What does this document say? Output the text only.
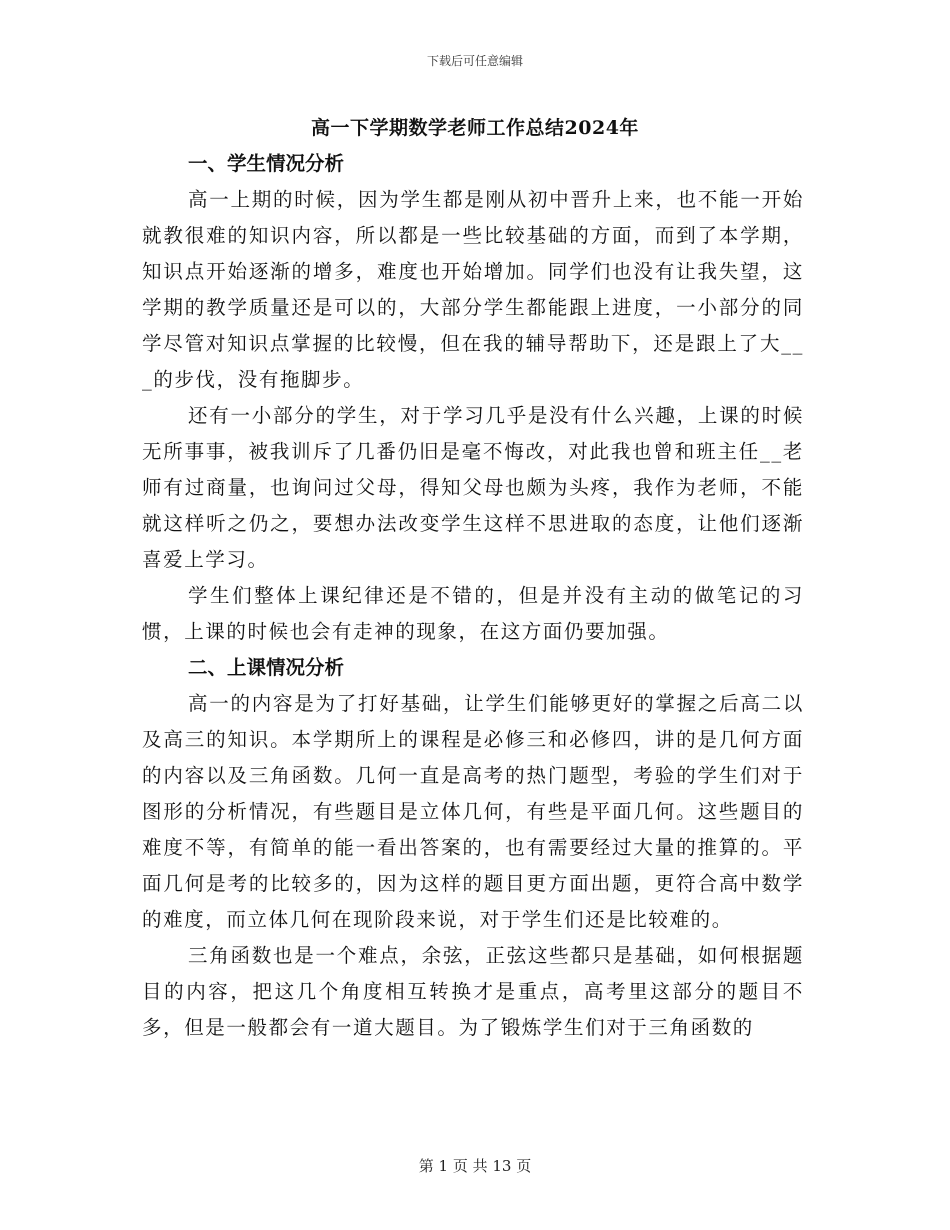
下载后可任意编辑
高一下学期数学老师工作总结2024年
一、学生情况分析

高一上期的时候，因为学生都是刚从初中晋升上来，也不能一开始就教很难的知识内容，所以都是一些比较基础的方面，而到了本学期，知识点开始逐渐的增多，难度也开始增加。同学们也没有让我失望，这学期的教学质量还是可以的，大部分学生都能跟上进度，一小部分的同学尽管对知识点掌握的比较慢，但在我的辅导帮助下，还是跟上了大___的步伐，没有拖脚步。

还有一小部分的学生，对于学习几乎是没有什么兴趣，上课的时候无所事事，被我训斥了几番仍旧是毫不悔改，对此我也曾和班主任__老师有过商量，也询问过父母，得知父母也颇为头疼，我作为老师，不能就这样听之仍之，要想办法改变学生这样不思进取的态度，让他们逐渐喜爱上学习。

学生们整体上课纪律还是不错的，但是并没有主动的做笔记的习惯，上课的时候也会有走神的现象，在这方面仍要加强。

二、上课情况分析

高一的内容是为了打好基础，让学生们能够更好的掌握之后高二以及高三的知识。本学期所上的课程是必修三和必修四，讲的是几何方面的内容以及三角函数。几何一直是高考的热门题型，考验的学生们对于图形的分析情况，有些题目是立体几何，有些是平面几何。这些题目的难度不等，有简单的能一看出答案的，也有需要经过大量的推算的。平面几何是考的比较多的，因为这样的题目更方面出题，更符合高中数学的难度，而立体几何在现阶段来说，对于学生们还是比较难的。

三角函数也是一个难点，余弦，正弦这些都只是基础，如何根据题目的内容，把这几个角度相互转换才是重点，高考里这部分的题目不多，但是一般都会有一道大题目。为了锻炼学生们对于三角函数的

第 1 页 共 13 页
